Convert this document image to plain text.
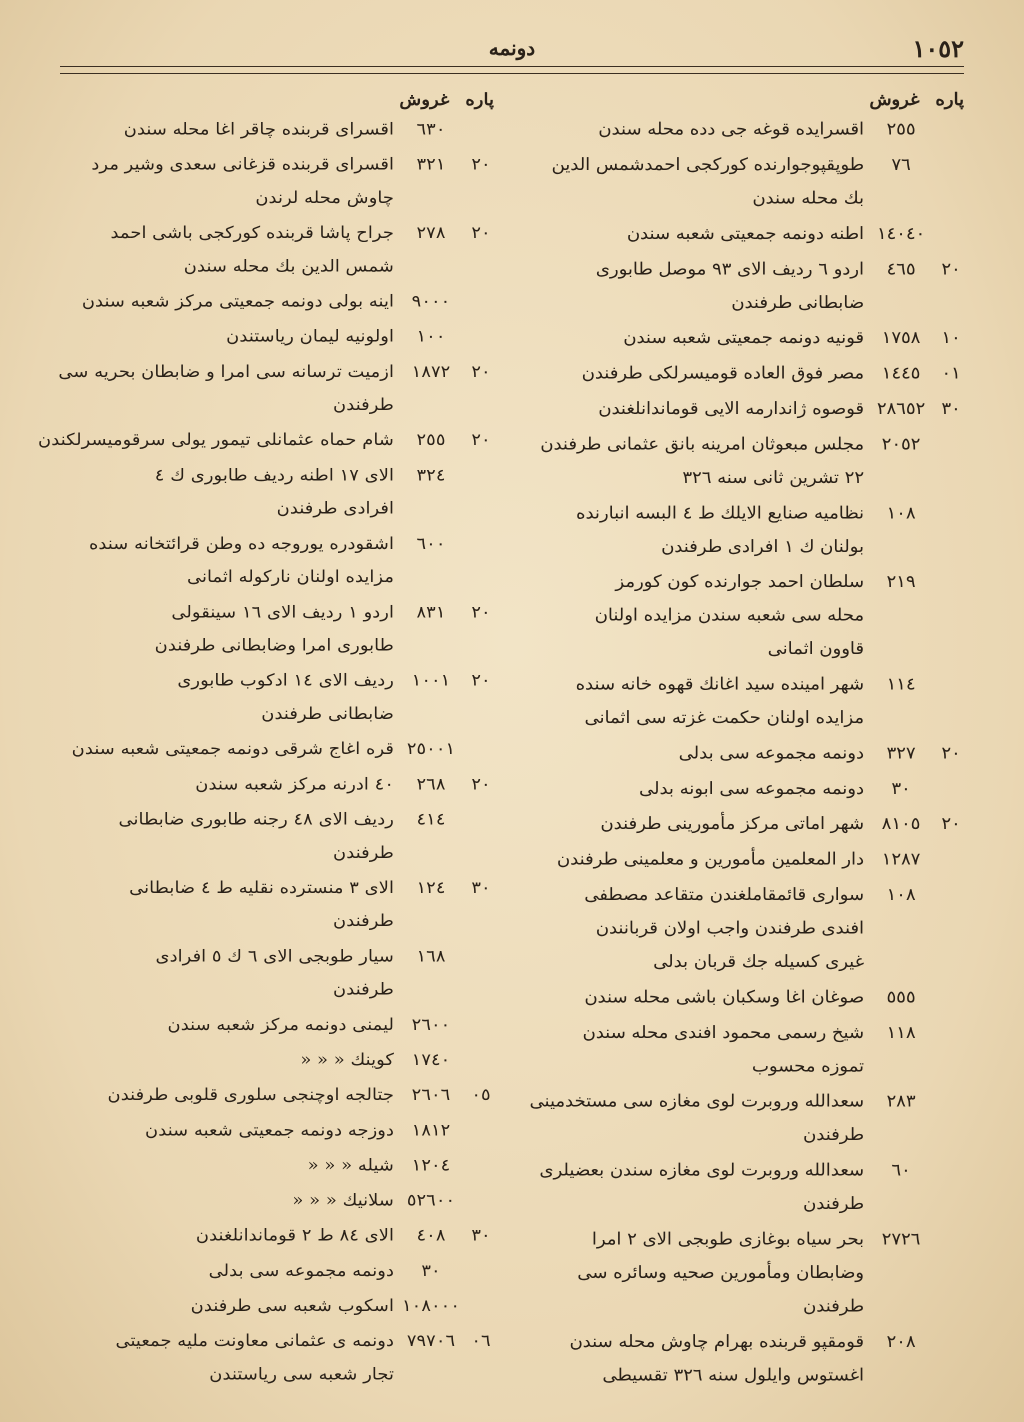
١٠٥٢
دونمه
پاره
غروش
٢٥٥
اقسرايده قوغه جى دده محله سندن
٧٦
طوپقپوجوارنده كوركجى احمدشمس الدين
بك محله سندن
١٤٠٤٠
اطنه دونمه جمعيتى شعبه سندن
٢٠
٤٦٥
اردو ٦ رديف الاى ٩٣ موصل طابورى
ضابطانى طرفندن
١٠
١٧٥٨
قونيه دونمه جمعيتى شعبه سندن
٠١
١٤٤٥
مصر فوق العاده قوميسرلكى طرفندن
٣٠
٢٨٦٥٢
قوصوه ژاندارمه الايى قوماندانلغندن
٢٠٥٢
مجلس مبعوثان امرينه بانق عثمانى طرفندن
٢٢ تشرين ثانى سنه ٣٢٦
١٠٨
نظاميه صنايع الايلك ط ٤ البسه انبارنده
بولنان ك ١ افرادى طرفندن
٢١٩
سلطان احمد جوارنده كون كورمز
محله سى شعبه سندن مزايده اولنان
قاوون اثمانى
١١٤
شهر امينده سيد اغانك قهوه خانه سنده
مزايده اولنان حكمت غزته سى اثمانى
٢٠
٣٢٧
دونمه مجموعه سى بدلى
٣٠
دونمه مجموعه سى ابونه بدلى
٢٠
٨١٠٥
شهر اماتى مركز مأمورينى طرفندن
١٢٨٧
دار المعلمين مأمورين و معلمينى طرفندن
١٠٨
سوارى قائمقاملغندن متقاعد مصطفى
افندى طرفندن واجب اولان قربانندن
غيرى كسيله جك قربان بدلى
٥٥٥
صوغان اغا وسكبان باشى محله سندن
١١٨
شيخ رسمى محمود افندى محله سندن
تموزه محسوب
٢٨٣
سعدالله وروبرت لوى مغازه سى مستخدمينى
طرفندن
٦٠
سعدالله وروبرت لوى مغازه سندن بعضيلرى
طرفندن
٢٧٢٦
بحر سياه بوغازى طوبجى الاى ٢ امرا
وضابطان ومأمورين صحيه وسائره سى
طرفندن
٢٠٨
قومقپو قربنده بهرام چاوش محله سندن
اغستوس وايلول سنه ٣٢٦ تقسيطى
پاره
غروش
٦٣٠
اقسراى قربنده چاقر اغا محله سندن
٢٠
٣٢١
اقسراى قربنده قزغانى سعدى وشير مرد
چاوش محله لرندن
٢٠
٢٧٨
جراح پاشا قربنده كوركجى باشى احمد
شمس الدين بك محله سندن
٩٠٠٠
اينه بولى دونمه جمعيتى مركز شعبه سندن
١٠٠
اولونيه ليمان رياستندن
٢٠
١٨٧٢
ازميت ترسانه سى امرا و ضابطان بحريه سى
طرفندن
٢٠
٢٥٥
شام حماه عثمانلى تيمور يولى سرقوميسرلكندن
٣٢٤
الاى ١٧ اطنه رديف طابورى ك ٤
افرادى طرفندن
٦٠٠
اشقودره يوروجه ده وطن قرائتخانه سنده
مزايده اولنان ناركوله اثمانى
٢٠
٨٣١
اردو ١ رديف الاى ١٦ سينقولى
طابورى امرا وضابطانى طرفندن
٢٠
١٠٠١
رديف الاى ١٤ ادكوب طابورى
ضابطانى طرفندن
٢٥٠٠١
قره اغاج شرقى دونمه جمعيتى شعبه سندن
٢٠
٢٦٨
٤٠ ادرنه مركز شعبه سندن
٤١٤
رديف الاى ٤٨ رجنه طابورى ضابطانى
طرفندن
٣٠
١٢٤
الاى ٣ منسترده نقليه ط ٤ ضابطانى
طرفندن
١٦٨
سيار طوبجى الاى ٦ ك ٥ افرادى
طرفندن
٢٦٠٠
ليمنى دونمه مركز شعبه سندن
١٧٤٠
كوينك « « «
٠٥
٢٦٠٦
جتالجه اوچنجى سلورى قلوبى طرفندن
١٨١٢
دوزجه دونمه جمعيتى شعبه سندن
١٢٠٤
شيله « « «
٥٢٦٠٠
سلانيك « « «
٣٠
٤٠٨
الاى ٨٤ ط ٢ قوماندانلغندن
٣٠
دونمه مجموعه سى بدلى
١٠٨٠٠٠
اسكوب شعبه سى طرفندن
٠٦
٧٩٧٠٦
دونمه ى عثمانى معاونت مليه جمعيتى
تجار شعبه سى رياستندن
